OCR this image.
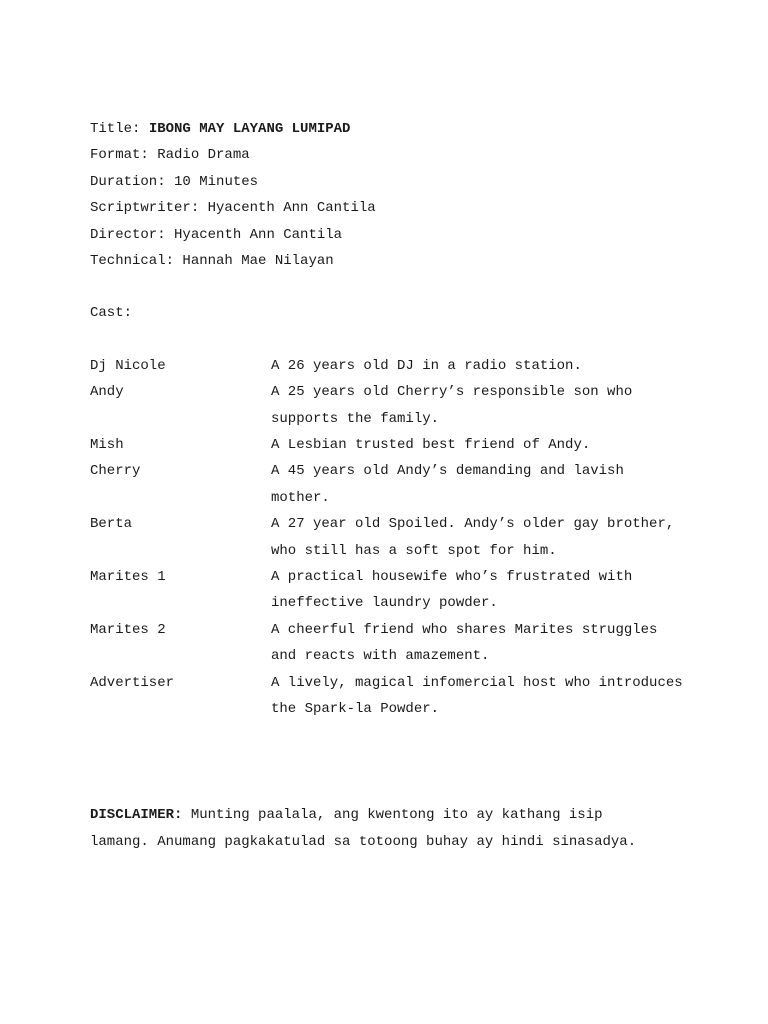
Title: IBONG MAY LAYANG LUMIPAD
Format: Radio Drama
Duration: 10 Minutes
Scriptwriter: Hyacenth Ann Cantila
Director: Hyacenth Ann Cantila
Technical: Hannah Mae Nilayan
Cast:
Dj Nicole	A 26 years old DJ in a radio station.
Andy	A 25 years old Cherry’s responsible son who supports the family.
Mish	A Lesbian trusted best friend of Andy.
Cherry	A 45 years old Andy’s demanding and lavish mother.
Berta	A 27 year old Spoiled. Andy’s older gay brother, who still has a soft spot for him.
Marites 1	A practical housewife who’s frustrated with ineffective laundry powder.
Marites 2	A cheerful friend who shares Marites struggles and reacts with amazement.
Advertiser	A lively, magical infomercial host who introduces the Spark-la Powder.
DISCLAIMER: Munting paalala, ang kwentong ito ay kathang isip lamang. Anumang pagkakatulad sa totoong buhay ay hindi sinasadya.
